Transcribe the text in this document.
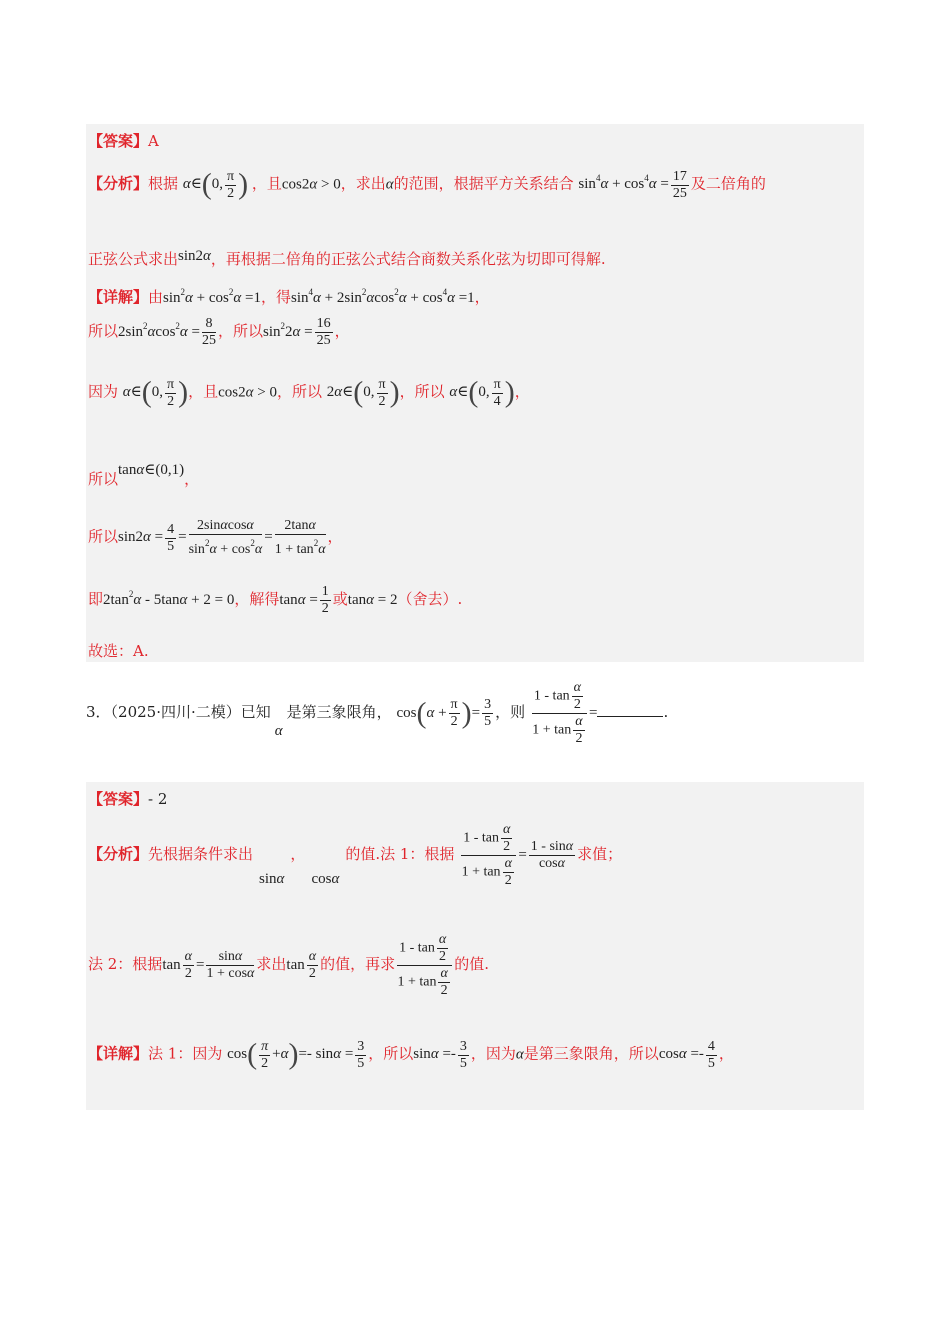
【答案】A
【分析】根据 α∈(0, $\frac{\pi}{2}$ ) ，且cos2α > 0，求出α的范围，根据平方关系结合 $\sin^4\alpha + \cos^4\alpha = \frac{17}{25}$ 及二倍角的
正弦公式求出sin2α，再根据二倍角的正弦公式结合商数关系化弦为切即可得解.
【详解】由$\sin^2\alpha + \cos^2\alpha =1$，得$\sin^4\alpha + 2\sin^2\alpha\cos^2\alpha + \cos^4\alpha =1$，
所以$2\sin^2\alpha\cos^2\alpha = \frac{8}{25}$ ，所以$\sin^22\alpha = \frac{16}{25}$ ，
因为 α∈(0, $\frac{\pi}{2}$ )，且cos2α > 0，所以 2α∈(0, $\frac{\pi}{2}$ )，所以 α∈(0, $\frac{\pi}{4}$ )，
所以tanα∈(0,1)，
所以$\sin 2\alpha = \frac{4}{5} = \frac{2\sin\alpha\cos\alpha}{\sin^2\alpha + \cos^2\alpha} = \frac{2\tan\alpha}{1 + \tan^2\alpha}$ ，
即$2\tan^2\alpha - 5\tan\alpha + 2 = 0$，解得$\tan\alpha = \frac{1}{2}$ 或tanα = 2（舍去）.
故选：A.
3．（2025·四川·二模）已知α是第三象限角， $\cos(\alpha + \frac{\pi}{2}$ )= $\frac{3}{5}$ ，则 $\frac{1 - \tan \frac{\alpha}{2}}{1 + \tan \frac{\alpha}{2}}$ =	.
【答案】- 2
【分析】先根据条件求出sinα，cosα的值.法 1：根据 $\frac{1 - \tan \frac{\alpha}{2}}{1 + \tan \frac{\alpha}{2}} = \frac{1 - \sin\alpha}{\cos\alpha}$ 求值；
法 2：根据$\tan \frac{\alpha}{2} = \frac{\sin\alpha}{1 + \cos\alpha}$ 求出$\tan \frac{\alpha}{2}$ 的值，再求 $\frac{1 - \tan \frac{\alpha}{2}}{1 + \tan \frac{\alpha}{2}}$ 的值.
【详解】法 1：因为 $\cos( \frac{\pi}{2} +\alpha)=-$ $\sin\alpha = \frac{3}{5}$ ，所以$\sin\alpha =- \frac{3}{5}$ ，因为α是第三象限角，所以$\cos\alpha =- \frac{4}{5}$ ，
